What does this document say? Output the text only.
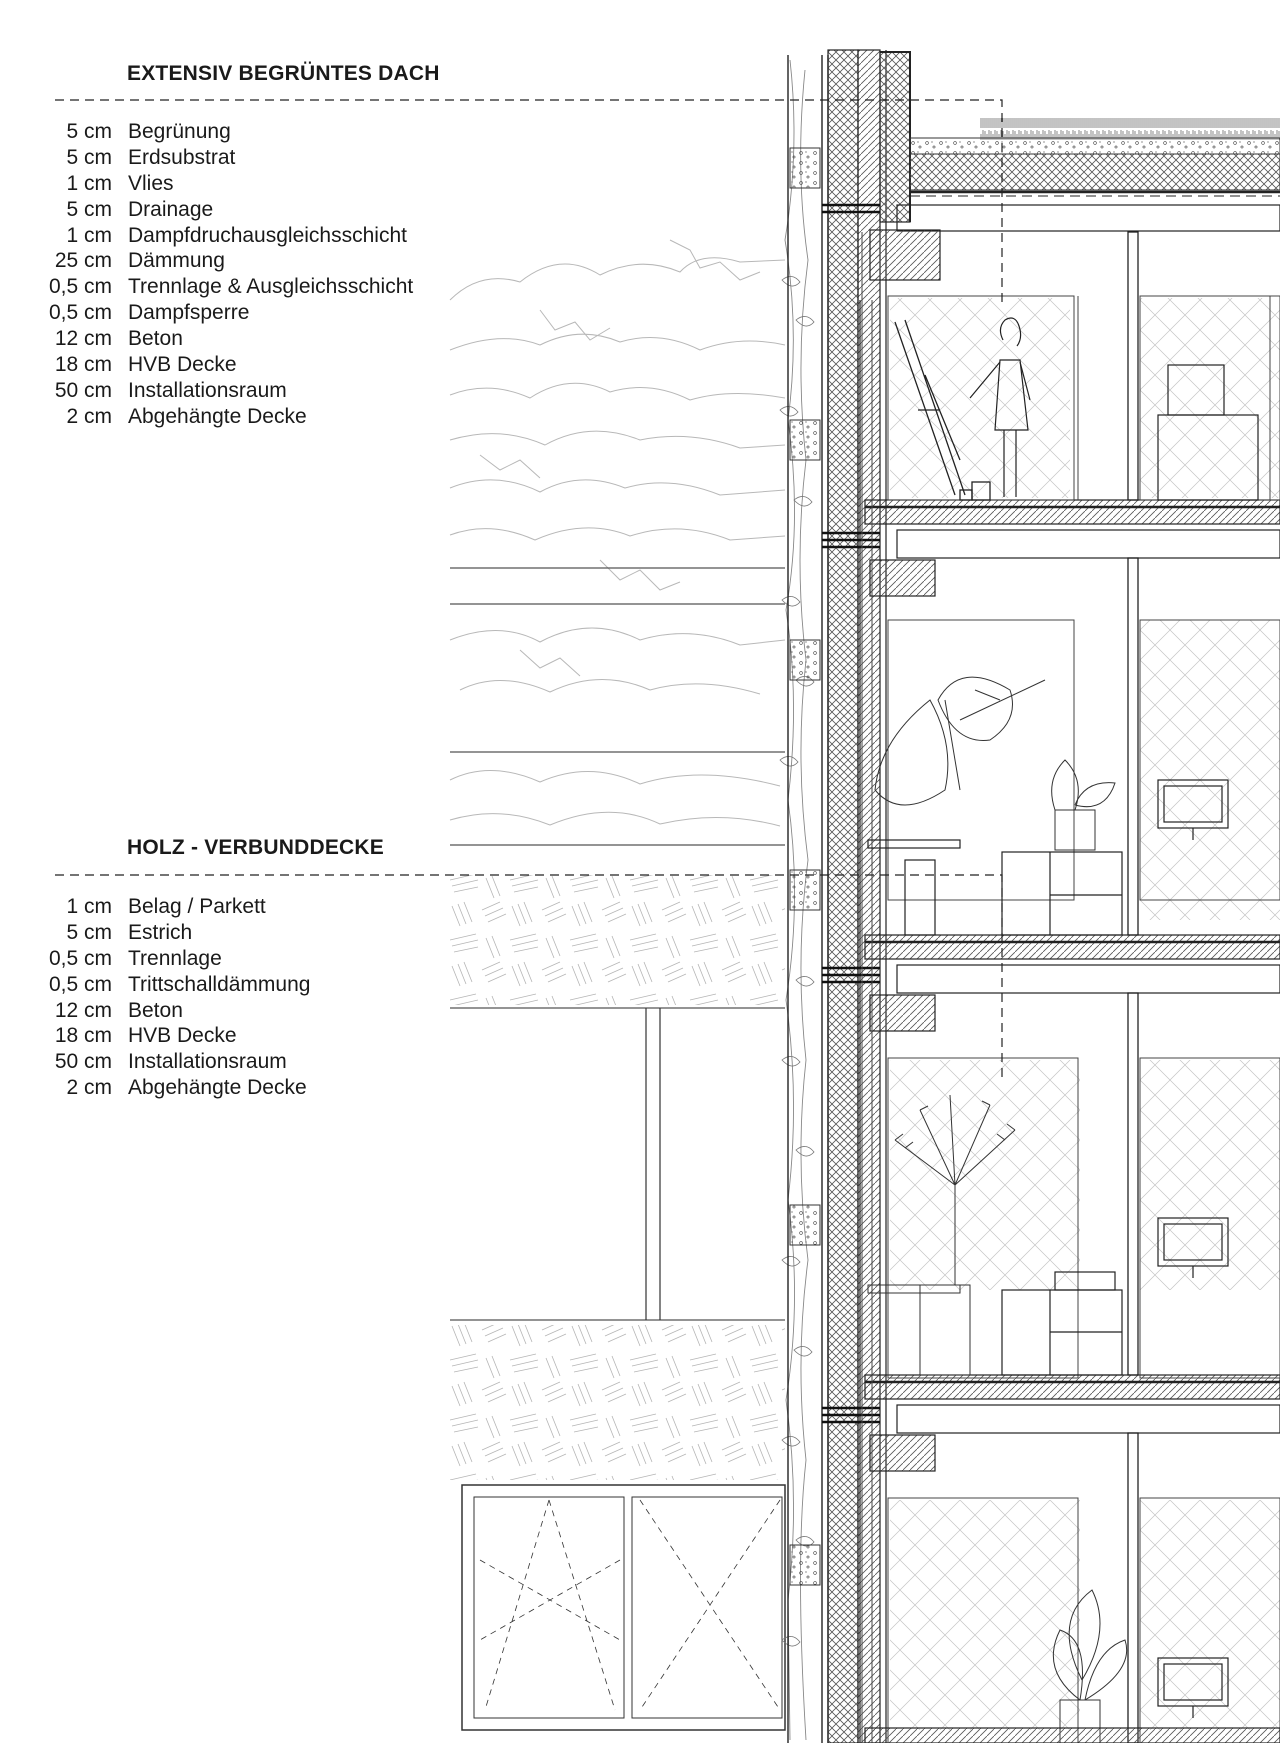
EXTENSIV BEGRÜNTES DACH
5 cm Begrünung
5 cm Erdsubstrat
1 cm Vlies
5 cm Drainage
1 cm Dampfdruchausgleichsschicht
25 cm Dämmung
0,5 cm Trennlage & Ausgleichsschicht
0,5 cm Dampfsperre
12 cm Beton
18 cm HVB Decke
50 cm Installationsraum
2 cm Abgehängte Decke
HOLZ - VERBUNDDECKE
1 cm Belag / Parkett
5 cm Estrich
0,5 cm Trennlage
0,5 cm Trittschalldämmung
12 cm Beton
18 cm HVB Decke
50 cm Installationsraum
2 cm Abgehängte Decke
